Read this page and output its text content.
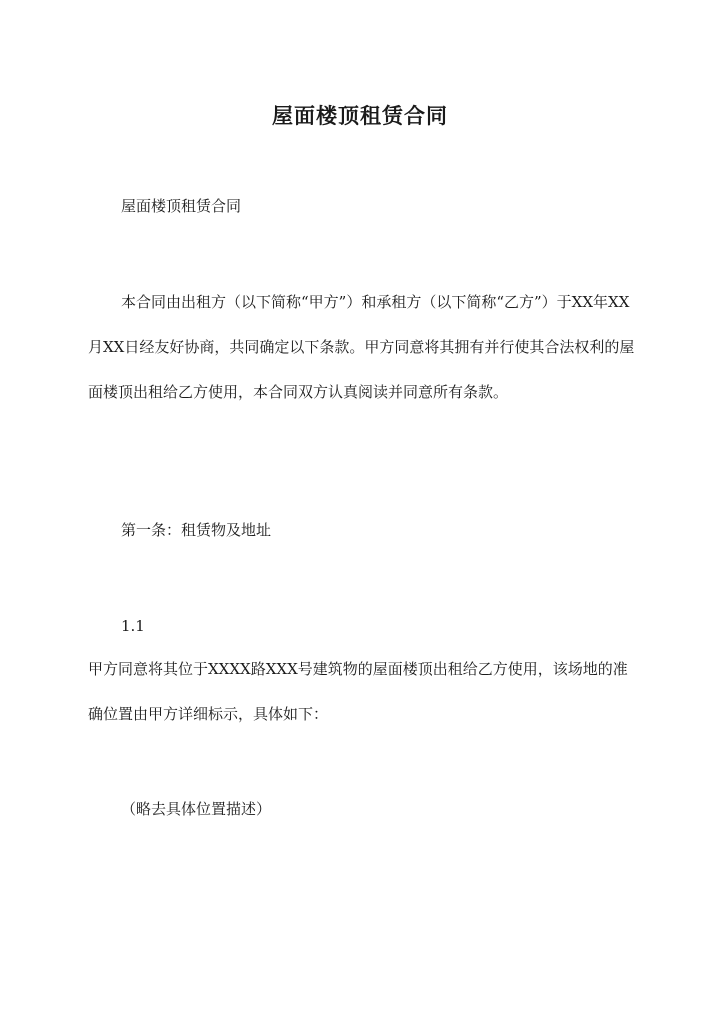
屋面楼顶租赁合同

屋面楼顶租赁合同

本合同由出租方（以下简称“甲方”）和承租方（以下简称“乙方”）于XX年XX月XX日经友好协商，共同确定以下条款。甲方同意将其拥有并行使其合法权利的屋面楼顶出租给乙方使用，本合同双方认真阅读并同意所有条款。

第一条：租赁物及地址

1.1

甲方同意将其位于XXXX路XXX号建筑物的屋面楼顶出租给乙方使用，该场地的准确位置由甲方详细标示，具体如下：

（略去具体位置描述）
